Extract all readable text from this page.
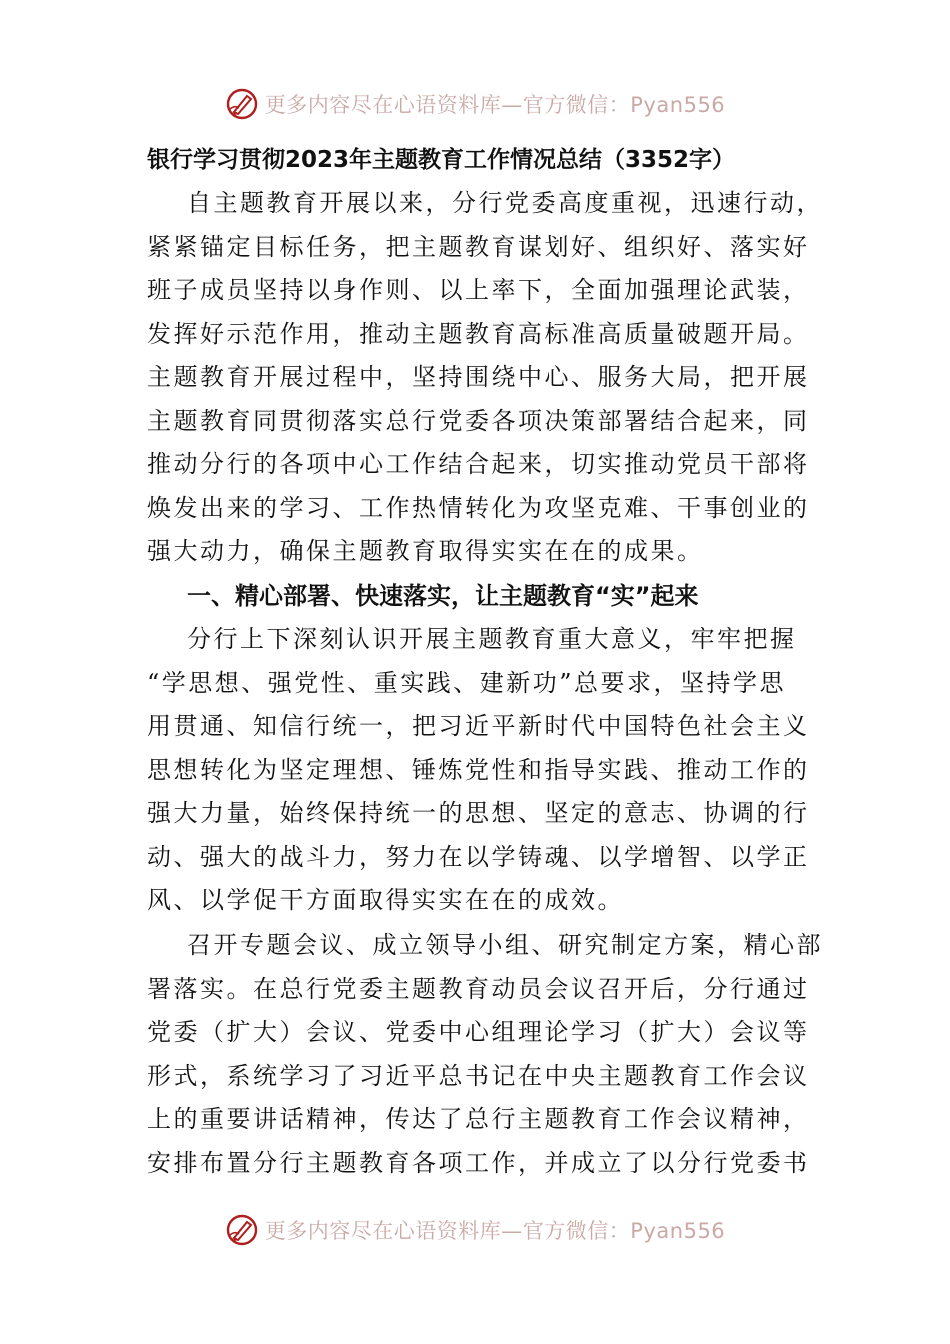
更多内容尽在心语资料库—官方微信：Pyan556
银行学习贯彻2023年主题教育工作情况总结（3352字）
自主题教育开展以来，分行党委高度重视，迅速行动，
紧紧锚定目标任务，把主题教育谋划好、组织好、落实好
班子成员坚持以身作则、以上率下，全面加强理论武装，
发挥好示范作用，推动主题教育高标准高质量破题开局。
主题教育开展过程中，坚持围绕中心、服务大局，把开展
主题教育同贯彻落实总行党委各项决策部署结合起来，同
推动分行的各项中心工作结合起来，切实推动党员干部将
焕发出来的学习、工作热情转化为攻坚克难、干事创业的
强大动力，确保主题教育取得实实在在的成果。
一、精心部署、快速落实，让主题教育“实”起来
分行上下深刻认识开展主题教育重大意义，牢牢把握
“学思想、强党性、重实践、建新功”总要求，坚持学思
用贯通、知信行统一，把习近平新时代中国特色社会主义
思想转化为坚定理想、锤炼党性和指导实践、推动工作的
强大力量，始终保持统一的思想、坚定的意志、协调的行
动、强大的战斗力，努力在以学铸魂、以学增智、以学正
风、以学促干方面取得实实在在的成效。
召开专题会议、成立领导小组、研究制定方案，精心部
署落实。在总行党委主题教育动员会议召开后，分行通过
党委（扩大）会议、党委中心组理论学习（扩大）会议等
形式，系统学习了习近平总书记在中央主题教育工作会议
上的重要讲话精神，传达了总行主题教育工作会议精神，
安排布置分行主题教育各项工作，并成立了以分行党委书
更多内容尽在心语资料库—官方微信：Pyan556
